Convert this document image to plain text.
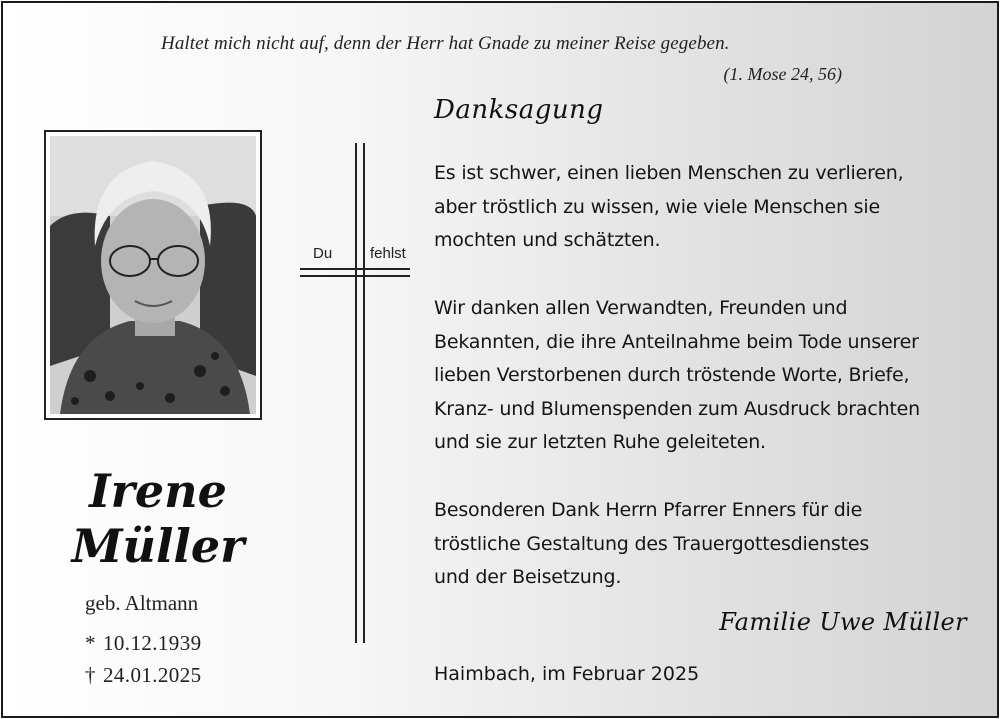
Haltet mich nicht auf, denn der Herr hat Gnade zu meiner Reise gegeben.
(1. Mose 24, 56)
Danksagung
Irene
Müller
geb. Altmann
* 10.12.1939
† 24.01.2025
Du	fehlst
Es ist schwer, einen lieben Menschen zu verlieren,
aber tröstlich zu wissen, wie viele Menschen sie
mochten und schätzten.
Wir danken allen Verwandten, Freunden und
Bekannten, die ihre Anteilnahme beim Tode unserer
lieben Verstorbenen durch tröstende Worte, Briefe,
Kranz- und Blumenspenden zum Ausdruck brachten
und sie zur letzten Ruhe geleiteten.
Besonderen Dank Herrn Pfarrer Enners für die
tröstliche Gestaltung des Trauergottesdienstes
und der Beisetzung.
Familie Uwe Müller
Haimbach, im Februar 2025
